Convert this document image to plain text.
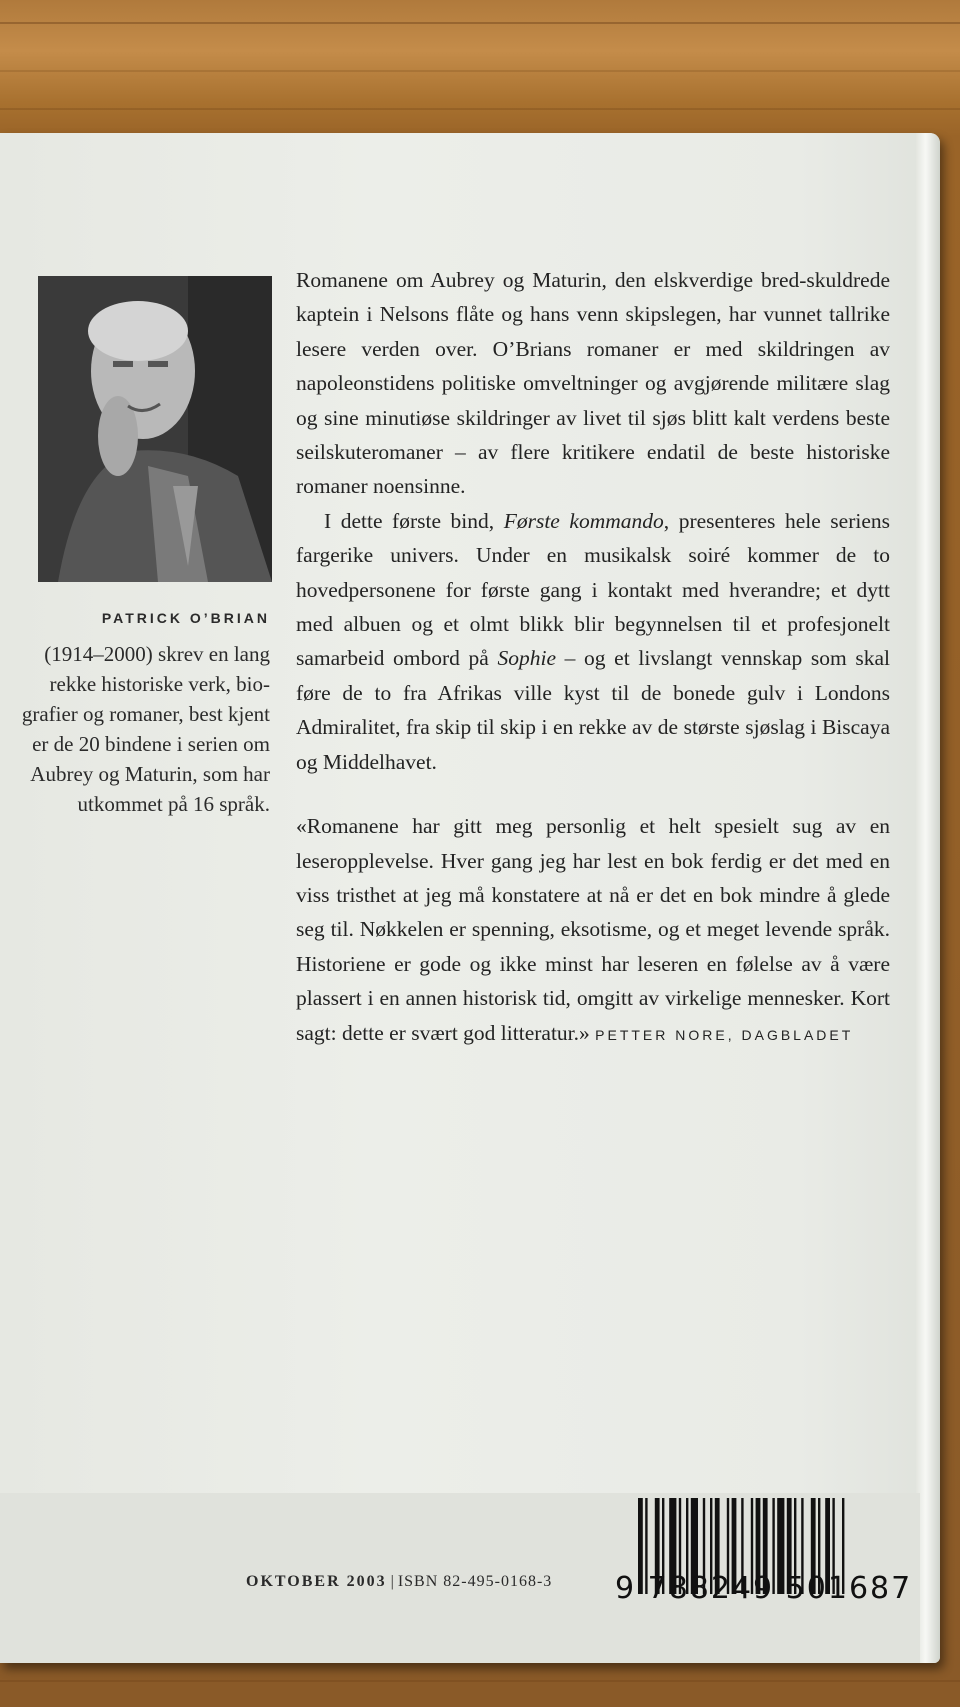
PATRICK O’BRIAN
(1914–2000) skrev en lang
rekke historiske verk, bio-
grafier og romaner, best kjent
er de 20 bindene i serien om
Aubrey og Maturin, som har
utkommet på 16 språk.

Romanene om Aubrey og Maturin, den elskverdige bred-skuldrede kaptein i Nelsons flåte og hans venn skipslegen, har vunnet tallrike lesere verden over. O’Brians romaner er med skildringen av napoleonstidens politiske omveltninger og avgjørende militære slag og sine minutiøse skildringer av livet til sjøs blitt kalt verdens beste seilskuteromaner – av flere kritikere endatil de beste historiske romaner noensinne.

I dette første bind, Første kommando, presenteres hele seriens fargerike univers. Under en musikalsk soiré kommer de to hovedpersonene for første gang i kontakt med hverandre; et dytt med albuen og et olmt blikk blir begynnelsen til et profesjonelt samarbeid ombord på Sophie – og et livslangt vennskap som skal føre de to fra Afrikas ville kyst til de bonede gulv i Londons Admiralitet, fra skip til skip i en rekke av de største sjøslag i Biscaya og Middelhavet.

«Romanene har gitt meg personlig et helt spesielt sug av en leseropplevelse. Hver gang jeg har lest en bok ferdig er det med en viss tristhet at jeg må konstatere at nå er det en bok mindre å glede seg til. Nøkkelen er spenning, eksotisme, og et meget levende språk. Historiene er gode og ikke minst har leseren en følelse av å være plassert i en annen historisk tid, omgitt av virkelige mennesker. Kort sagt: dette er svært god litteratur.» PETTER NORE, DAGBLADET

OKTOBER 2003 | ISBN 82-495-0168-3 9 788249 501687
